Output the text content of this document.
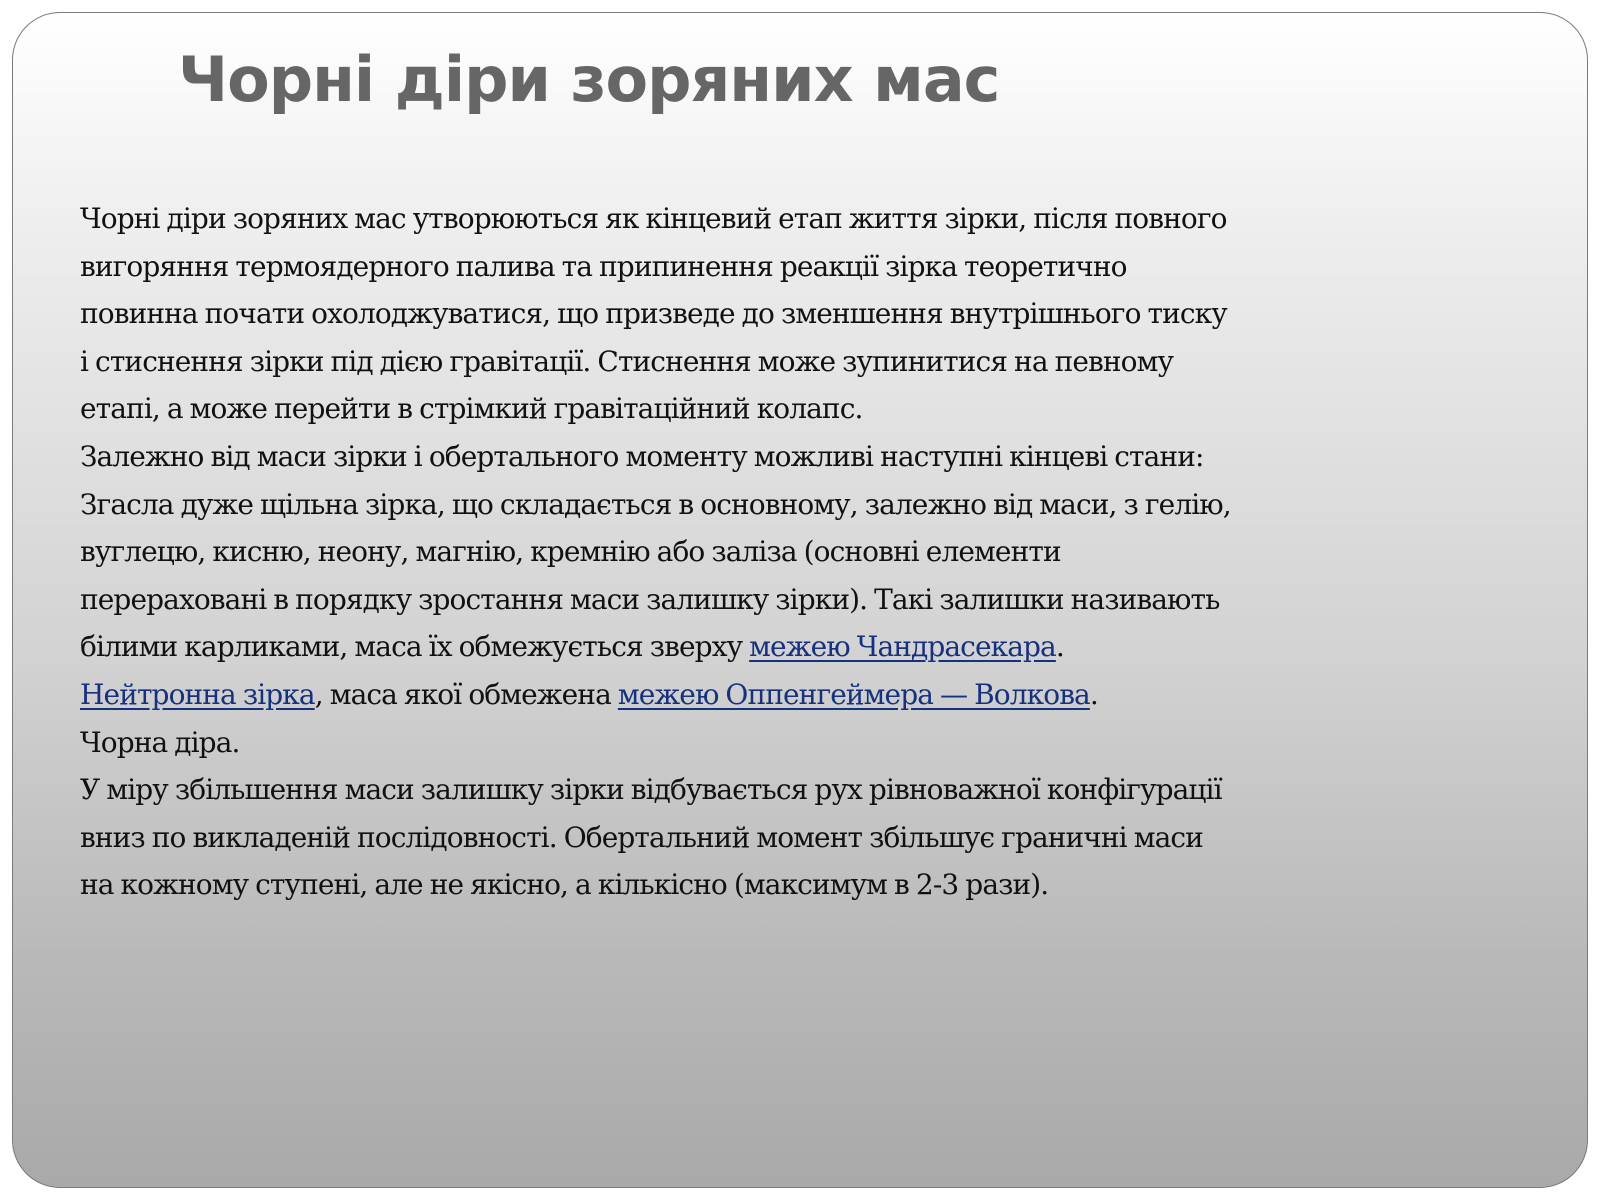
Чорні діри зоряних мас
Чорні діри зоряних мас утворюються як кінцевий етап життя зірки, після повного
вигоряння термоядерного палива та припинення реакції зірка теоретично
повинна почати охолоджуватися, що призведе до зменшення внутрішнього тиску
і стиснення зірки під дією гравітації. Стиснення може зупинитися на певному
етапі, а може перейти в стрімкий гравітаційний колапс.
Залежно від маси зірки і обертального моменту можливі наступні кінцеві стани:
Згасла дуже щільна зірка, що складається в основному, залежно від маси, з гелію,
вуглецю, кисню, неону, магнію, кремнію або заліза (основні елементи
перераховані в порядку зростання маси залишку зірки). Такі залишки називають
білими карликами, маса їх обмежується зверху межею Чандрасекара.
Нейтронна зірка, маса якої обмежена межею Оппенгеймера — Волкова.
Чорна діра.
У міру збільшення маси залишку зірки відбувається рух рівноважної конфігурації
вниз по викладеній послідовності. Обертальний момент збільшує граничні маси
на кожному ступені, але не якісно, а кількісно (максимум в 2-3 рази).
